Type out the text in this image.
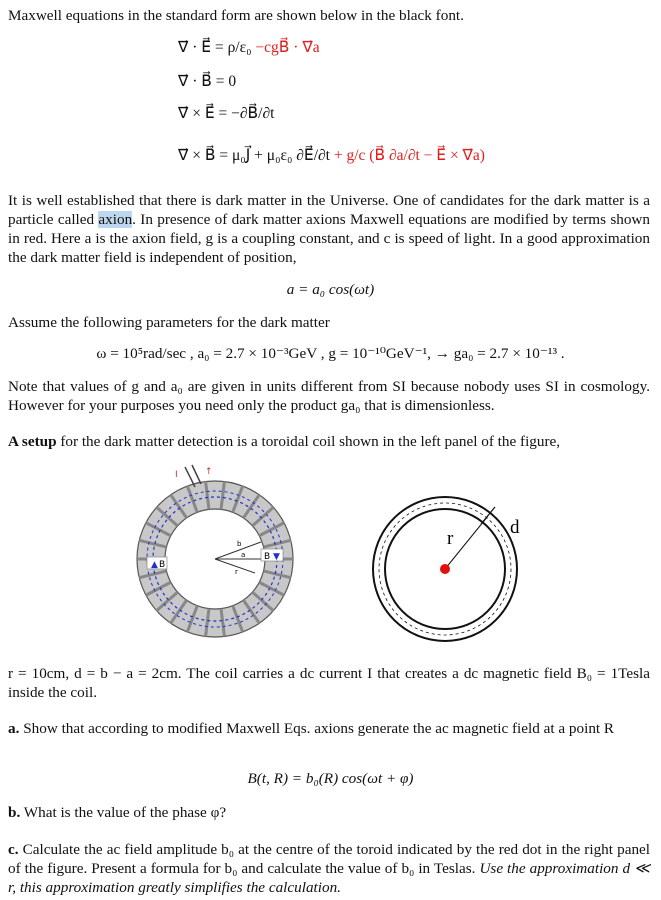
Maxwell equations in the standard form are shown below in the black font.
∇⃗ · E⃗ = ρ/ε₀ −cgB⃗ · ∇⃗a
∇⃗ · B⃗ = 0
∇⃗ × E⃗ = −∂B⃗/∂t
∇⃗ × B⃗ = μ₀J⃗ + μ₀ε₀ ∂E⃗/∂t + g/c (B⃗ ∂a/∂t − E⃗ × ∇⃗a)
It is well established that there is dark matter in the Universe. One of candidates for the dark matter is a particle called axion. In presence of dark matter axions Maxwell equations are modified by terms shown in red. Here a is the axion field, g is a coupling constant, and c is speed of light. In a good approximation the dark matter field is independent of position,
a = a₀ cos(ωt)
Assume the following parameters for the dark matter
ω = 10⁵rad/sec , a₀ = 2.7 × 10⁻³GeV , g = 10⁻¹⁰GeV⁻¹, → ga₀ = 2.7 × 10⁻¹³ .
Note that values of g and a₀ are given in units different from SI because nobody uses SI in cosmology. However for your purposes you need only the product ga₀ that is dimensionless.
A setup for the dark matter detection is a toroidal coil shown in the left panel of the figure,
b
a
r
▲ B
B ▼
I	↑
r
d
r = 10cm, d = b − a = 2cm. The coil carries a dc current I that creates a dc magnetic field B₀ = 1Tesla inside the coil.
a. Show that according to modified Maxwell Eqs. axions generate the ac magnetic field at a point R
B(t, R) = b₀(R) cos(ωt + φ)
b. What is the value of the phase φ?
c. Calculate the ac field amplitude b₀ at the centre of the toroid indicated by the red dot in the right panel of the figure. Present a formula for b₀ and calculate the value of b₀ in Teslas. Use the approximation d ≪ r, this approximation greatly simplifies the calculation.
